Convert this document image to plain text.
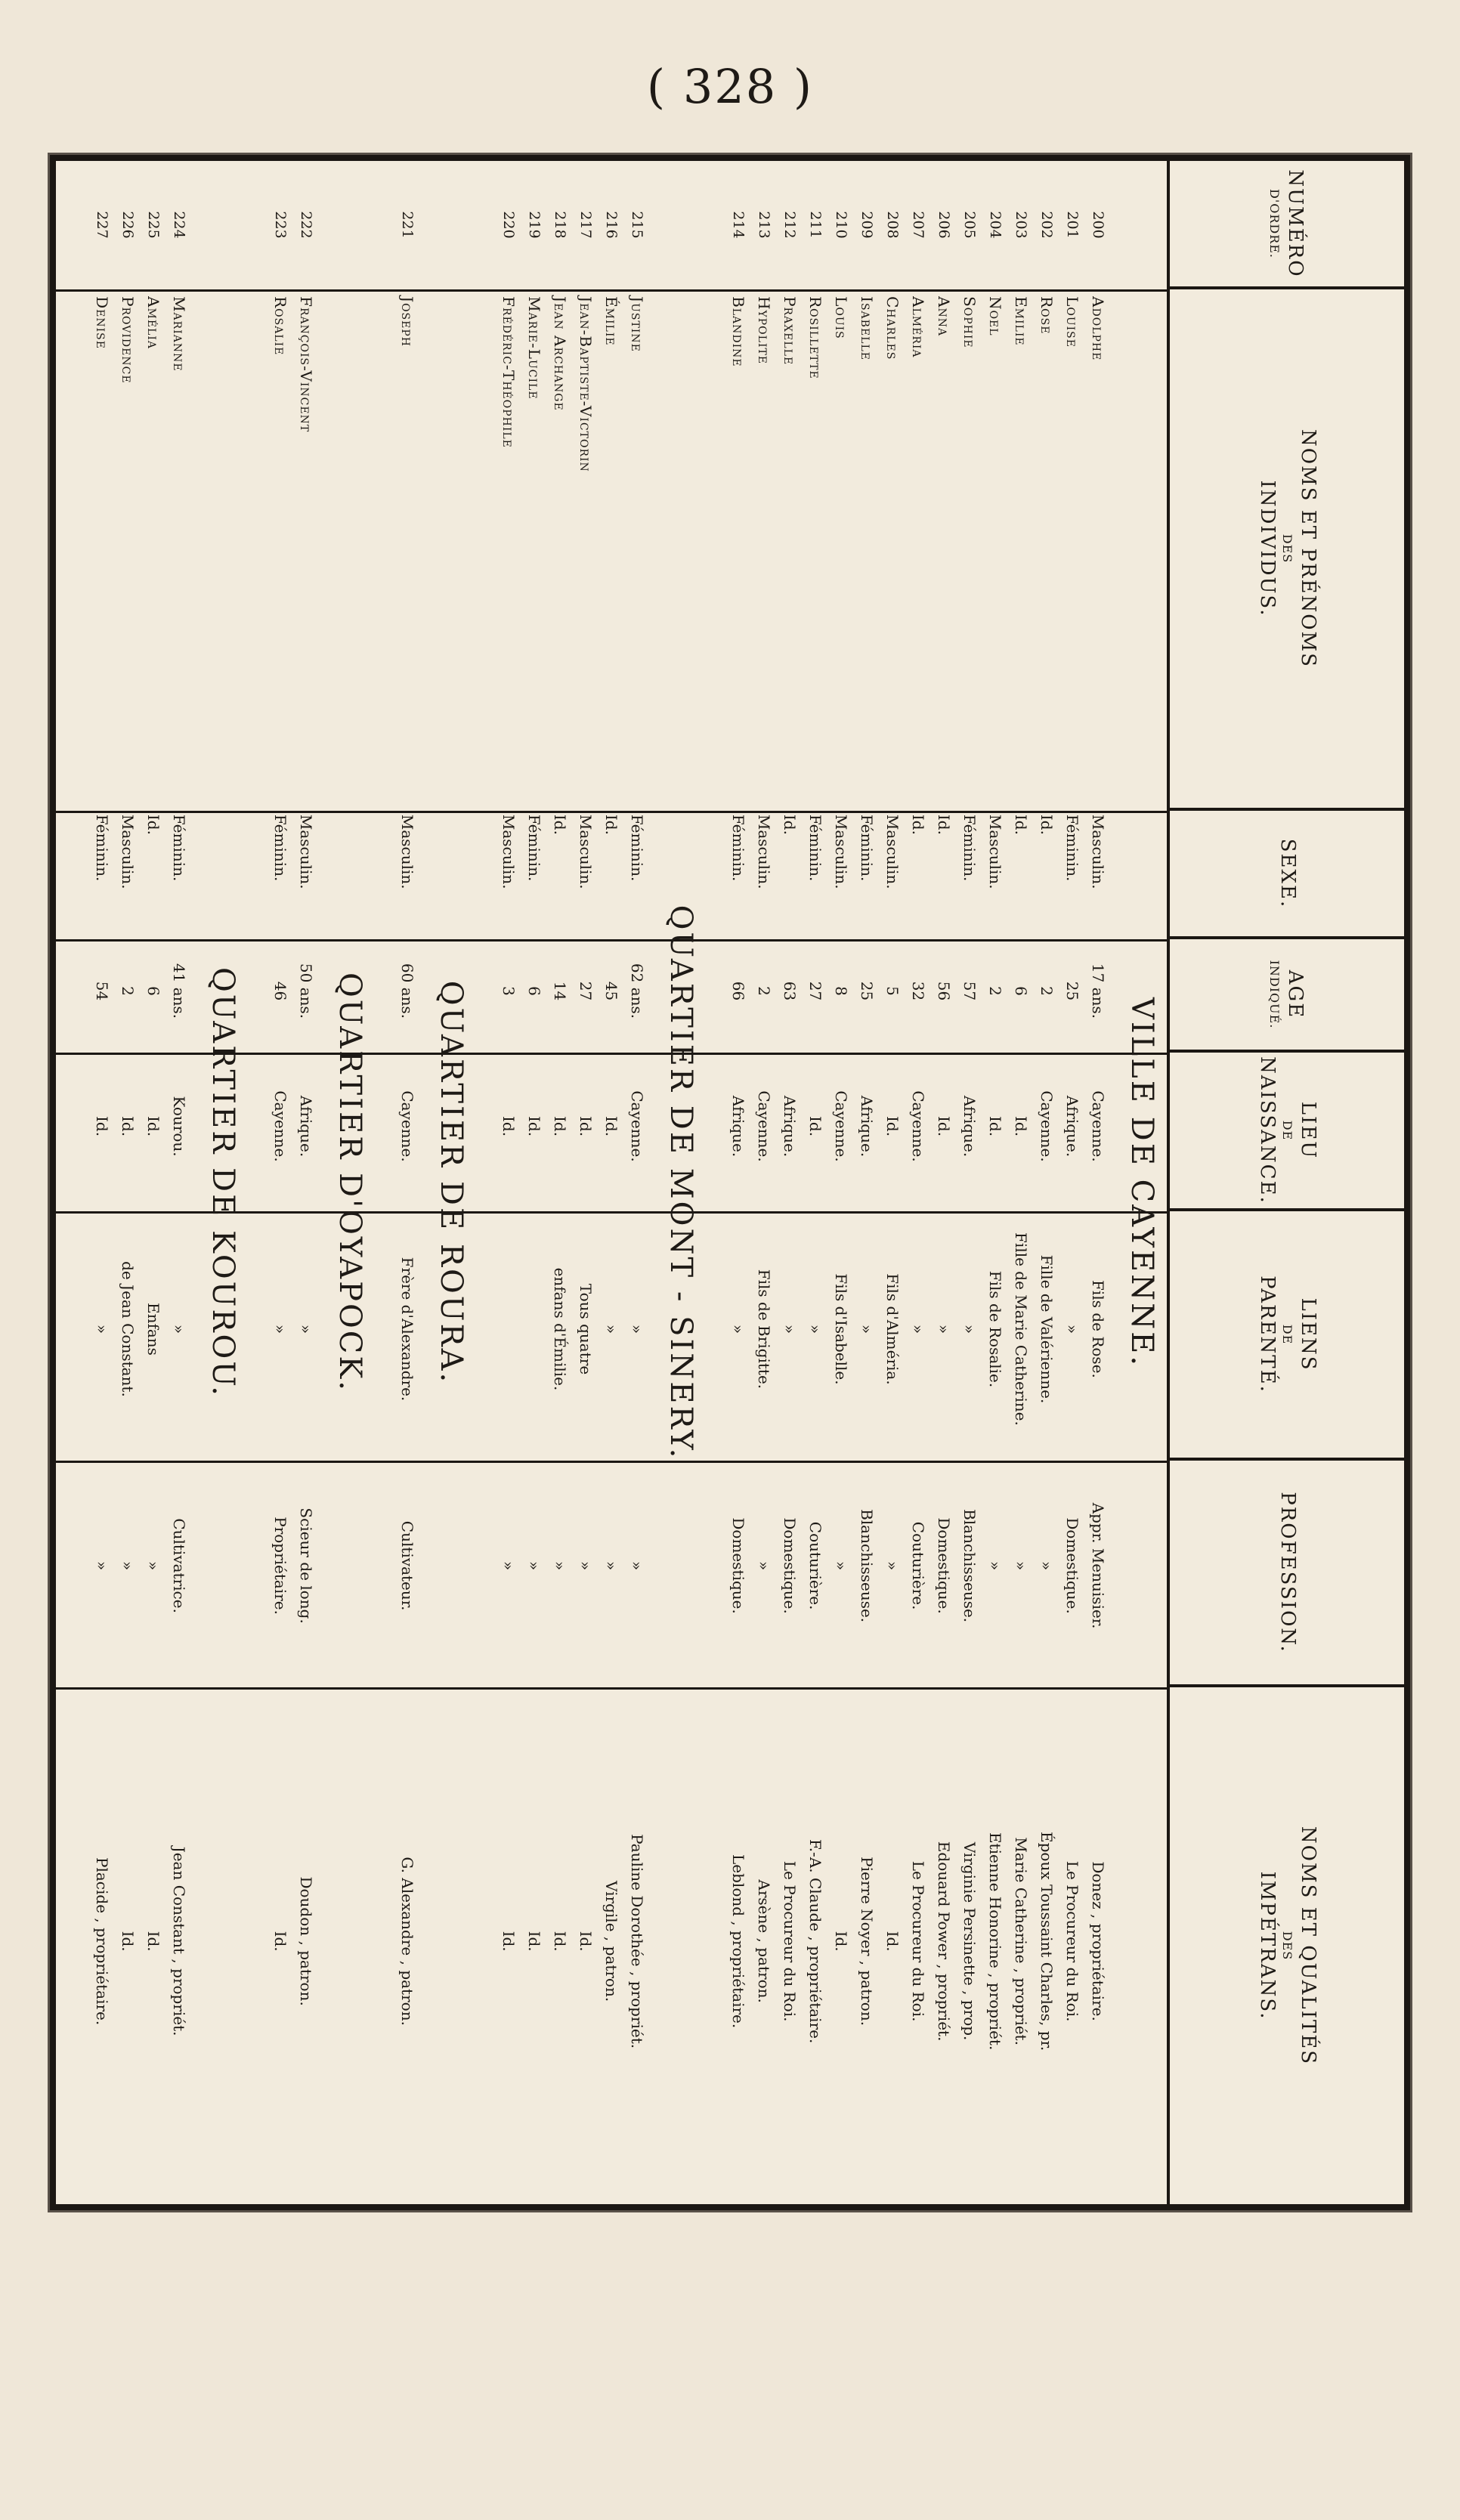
( 328 )
NUMÉRO
D'ORDRE.
NOMS ET PRÉNOMS
DES
INDIVIDUS.
SEXE.
AGE
INDIQUÉ.
LIEU
DE
NAISSANCE.
LIENS
DE
PARENTÉ.
PROFESSION.
NOMS ET QUALITÉS
DES
IMPÉTRANS.
VILLE DE CAYENNE.
200
Adolphe
Masculin.
17 ans.
Cayenne.
Fils de Rose.
Appr. Menuisier.
Donez , propriétaire.
201
Louise
Féminin.
25
Afrique.
»
Domestique.
Le Procureur du Roi.
202
Rose
Id.
2
Cayenne.
Fille de Valérienne.
»
Époux Toussaint Charles, pr.
203
Emilie
Id.
6
Id.
Fille de Marie Catherine.
»
Marie Catherine , propriét.
204
Noel
Masculin.
2
Id.
Fils de Rosalie.
»
Etienne Honorine , propriét.
205
Sophie
Féminin.
57
Afrique.
»
Blanchisseuse.
Virginie Persinette , prop.
206
Anna
Id.
56
Id.
»
Domestique.
Edouard Power , propriét.
207
Alméria
Id.
32
Cayenne.
»
Couturière.
Le Procureur du Roi.
208
Charles
Masculin.
5
Id.
Fils d'Alméria.
»
Id.
209
Isabelle
Féminin.
25
Afrique.
»
Blanchisseuse.
Pierre Noyer , patron.
210
Louis
Masculin.
8
Cayenne.
Fils d'Isabelle.
»
Id.
211
Rosillette
Féminin.
27
Id.
»
Couturière.
F.-A. Claude , propriétaire.
212
Praxelle
Id.
63
Afrique.
»
Domestique.
Le Procureur du Roi.
213
Hypolite
Masculin.
2
Cayenne.
Fils de Brigitte.
»
Arsène , patron.
214
Blandine
Féminin.
66
Afrique.
»
Domestique.
Leblond , propriétaire.
QUARTIER DE MONT - SINERY.
215
Justine
Féminin.
62 ans.
Cayenne.
»
»
Pauline Dorothée , propriét.
216
Émilie
Id.
45
Id.
»
»
Virgile , patron.
217
Jean-Baptiste-Victorin
Masculin.
27
Id.
Tous quatre
»
Id.
218
Jean Archange
Id.
14
Id.
enfans d'Émilie.
»
Id.
219
Marie-Lucile
Féminin.
6
Id.
»
Id.
220
Frédéric-Théophile
Masculin.
3
Id.
»
Id.
QUARTIER DE ROURA.
221
Joseph
Masculin.
60 ans.
Cayenne.
Frère d'Alexandre.
Cultivateur.
G. Alexandre , patron.
QUARTIER D'OYAPOCK.
222
François-Vincent
Masculin.
50 ans.
Afrique.
»
Scieur de long.
Doudon , patron.
223
Rosalie
Féminin.
46
Cayenne.
»
Propriétaire.
Id.
QUARTIER DE KOUROU.
224
Marianne
Féminin.
41 ans.
Kourou.
»
Cultivatrice.
Jean Constant , propriét.
225
Amélia
Id.
6
Id.
Enfans
»
Id.
226
Providence
Masculin.
2
Id.
de Jean Constant.
»
Id.
227
Denise
Féminin.
54
Id.
»
»
Placide , propriétaire.
